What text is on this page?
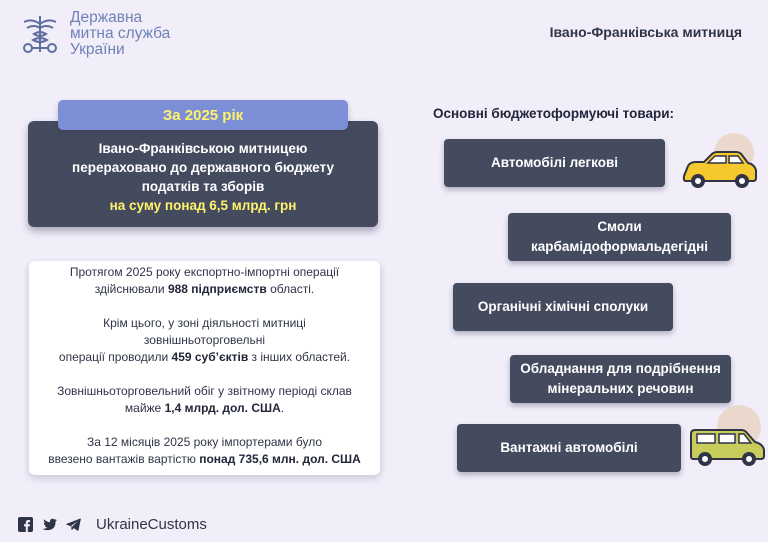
Державна
митна служба
України
Івано-Франківська митниця
Івано-Франківською митницею
перераховано до державного бюджету
податків та зборів
на суму понад 6,5 млрд. грн
За 2025 рік

Протягом 2025 року експортно-імпортні операції
здійснювали 988 підприємств області.

Крім цього, у зоні діяльності митниці
зовнішньоторговельні
операції проводили 459 суб’єктів з інших областей.

Зовнішньоторговельний обіг у звітному періоді склав
майже 1,4 млрд. дол. США.

За 12 місяців 2025 року імпортерами було
ввезено вантажів вартістю понад 735,6 млн. дол. США

Основні бюджетоформуючі товари:
Автомобілі легкові
Смоли
карбамідоформальдегідні
Органічні хімічні сполуки
Обладнання для подрібнення
мінеральних речовин
Вантажні автомобілі
UkraineCustoms
